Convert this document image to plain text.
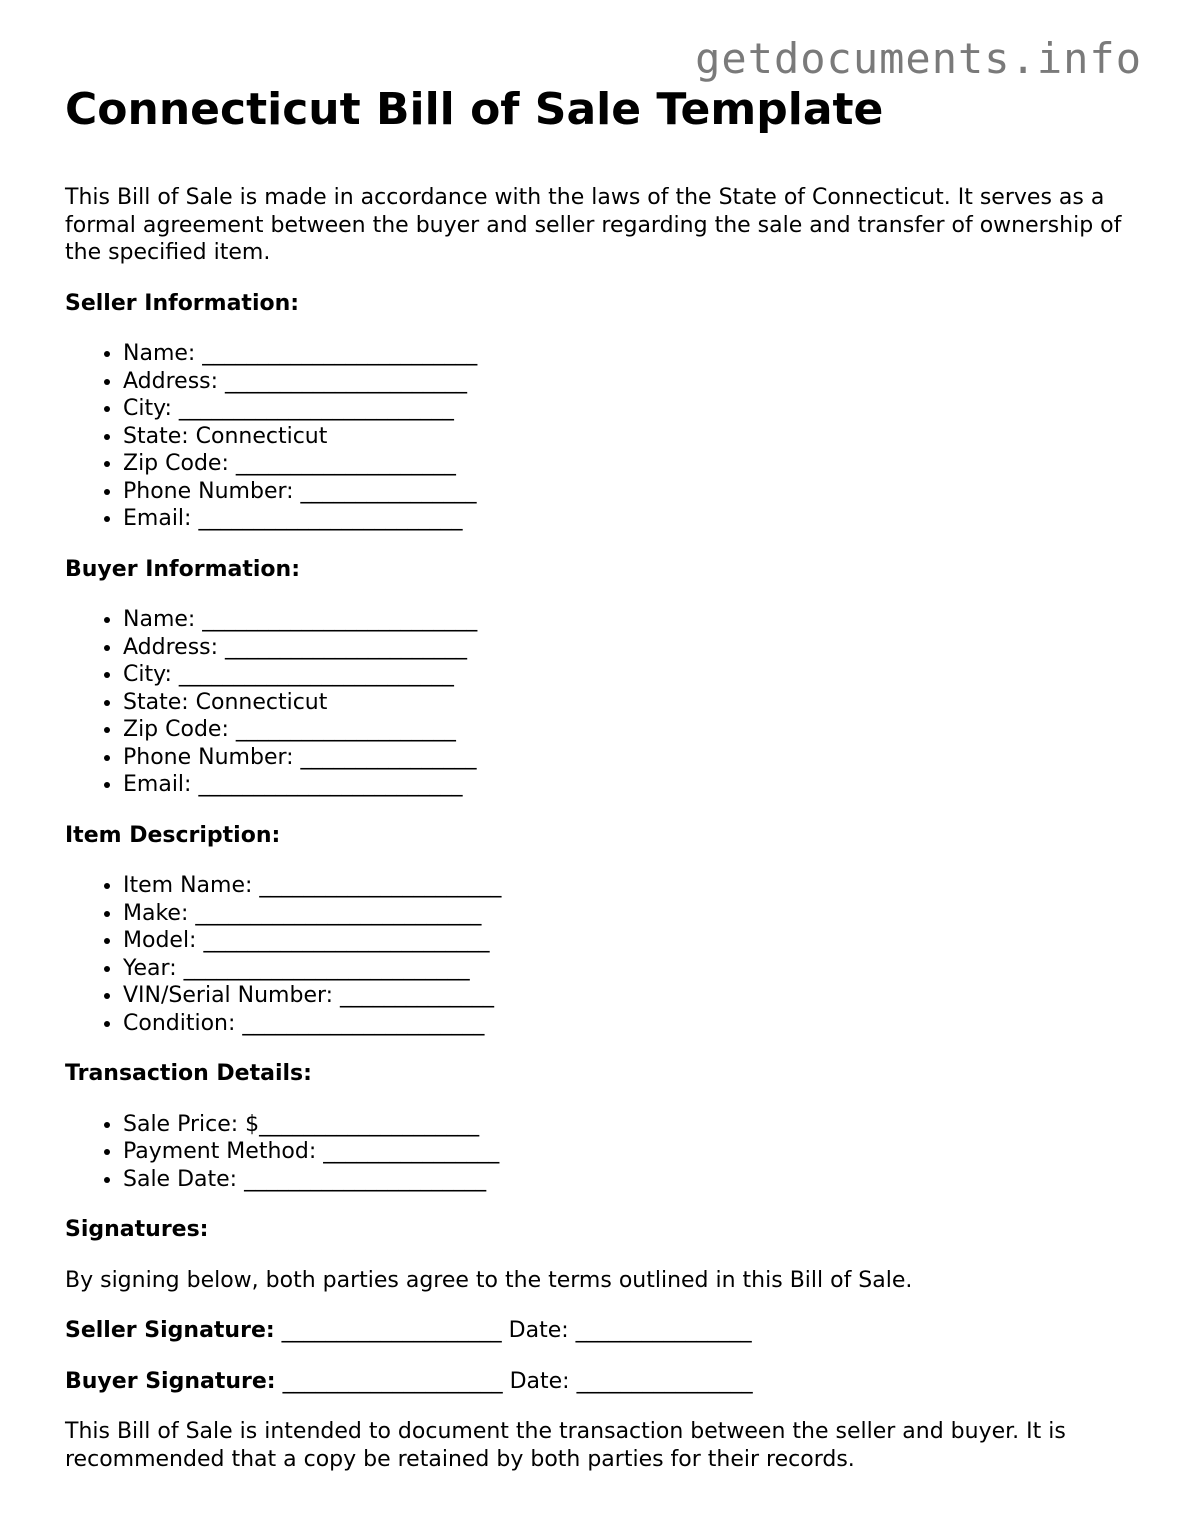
getdocuments.info
Connecticut Bill of Sale Template

This Bill of Sale is made in accordance with the laws of the State of Connecticut. It serves as a formal agreement between the buyer and seller regarding the sale and transfer of ownership of the specified item.

Seller Information:
• Name: _________________________
• Address: ______________________
• City: _________________________
• State: Connecticut
• Zip Code: ____________________
• Phone Number: ________________
• Email: ________________________
Buyer Information:
• Name: _________________________
• Address: ______________________
• City: _________________________
• State: Connecticut
• Zip Code: ____________________
• Phone Number: ________________
• Email: ________________________
Item Description:
• Item Name: ______________________
• Make: __________________________
• Model: __________________________
• Year: __________________________
• VIN/Serial Number: ______________
• Condition: ______________________
Transaction Details:
• Sale Price: $____________________
• Payment Method: ________________
• Sale Date: ______________________
Signatures:

By signing below, both parties agree to the terms outlined in this Bill of Sale.

Seller Signature: ____________________ Date: ________________
Buyer Signature: ____________________ Date: ________________

This Bill of Sale is intended to document the transaction between the seller and buyer. It is recommended that a copy be retained by both parties for their records.
